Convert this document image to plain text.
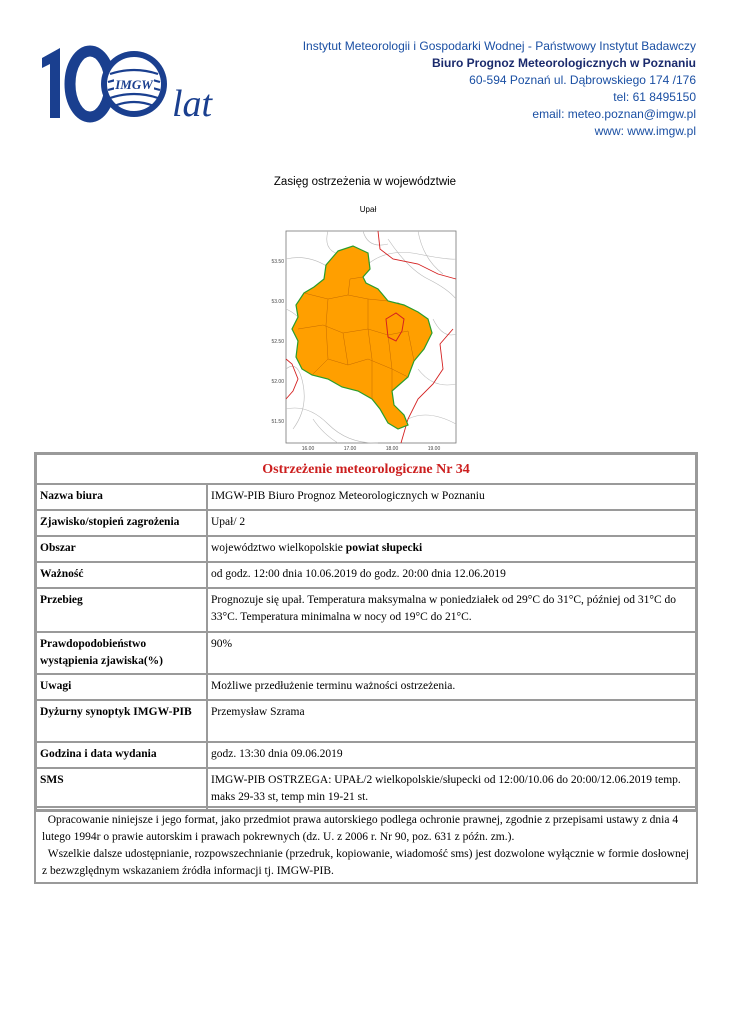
IMGW lat
Instytut Meteorologii i Gospodarki Wodnej - Państwowy Instytut Badawczy
Biuro Prognoz Meteorologicznych w Poznaniu
60-594 Poznań ul. Dąbrowskiego 174 /176
tel: 61 8495150
email: meteo.poznan@imgw.pl
www: www.imgw.pl
Zasięg ostrzeżenia w województwie
Upał
53.50
53.00
52.50
52.00
51.50
16.00	17.00	18.00	19.00
Ostrzeżenie meteorologiczne Nr 34	
Nazwa biura	IMGW-PIB Biuro Prognoz Meteorologicznych w Poznaniu
Zjawisko/stopień zagrożenia	Upał/ 2
Obszar	województwo wielkopolskie powiat słupecki
Ważność	od godz. 12:00 dnia 10.06.2019 do godz. 20:00 dnia 12.06.2019
Przebieg	Prognozuje się upał. Temperatura maksymalna w poniedziałek od 29°C do 31°C, później od 31°C do 33°C. Temperatura minimalna w nocy od 19°C do 21°C.
Prawdopodobieństwo wystąpienia zjawiska(%)	90%
Uwagi	Możliwe przedłużenie terminu ważności ostrzeżenia.
Dyżurny synoptyk IMGW-PIB	Przemysław Szrama
Godzina i data wydania	godz. 13:30 dnia 09.06.2019
SMS	IMGW-PIB OSTRZEGA: UPAŁ/2 wielkopolskie/słupecki od 12:00/10.06 do 20:00/12.06.2019 temp. maks 29-33 st, temp min 19-21 st.
Opracowanie niniejsze i jego format, jako przedmiot prawa autorskiego podlega ochronie prawnej, zgodnie z przepisami ustawy z dnia 4 lutego 1994r o prawie autorskim i prawach pokrewnych (dz. U. z 2006 r. Nr 90, poz. 631 z późn. zm.).
Wszelkie dalsze udostępnianie, rozpowszechnianie (przedruk, kopiowanie, wiadomość sms) jest dozwolone wyłącznie w formie dosłownej z bezwzględnym wskazaniem źródła informacji tj. IMGW-PIB.
